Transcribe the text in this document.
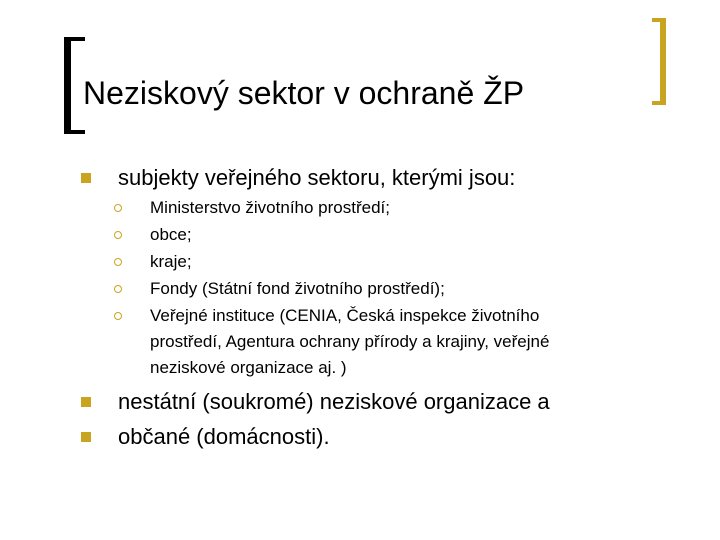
Neziskový sektor v ochraně ŽP
subjekty veřejného sektoru, kterými jsou:
Ministerstvo životního prostředí;
obce;
kraje;
Fondy (Státní fond životního prostředí);
Veřejné instituce (CENIA, Česká inspekce životního
prostředí, Agentura ochrany přírody a krajiny, veřejné
neziskové organizace aj. )
nestátní (soukromé) neziskové organizace a
občané (domácnosti).
